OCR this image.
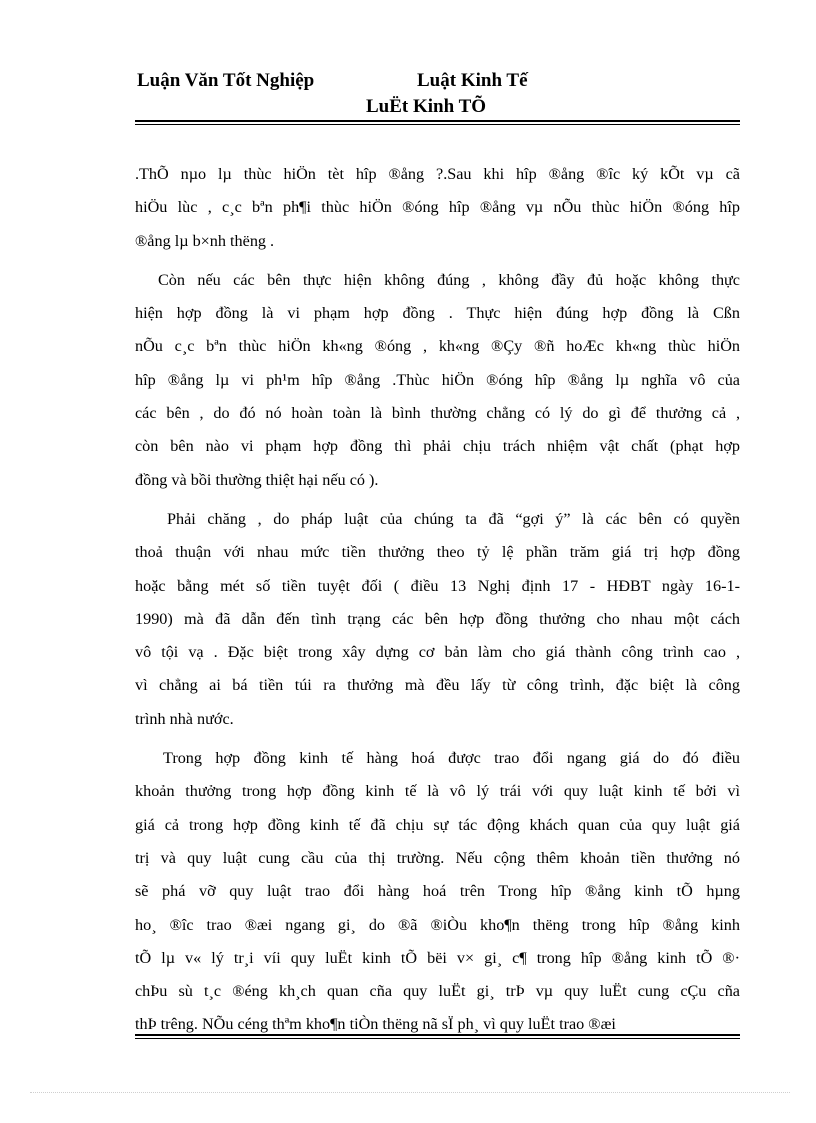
Luận Văn Tốt Nghiệp	Luật Kinh Tế
LuËt Kinh TÕ
.ThÕ nµo lµ thùc hiÖn tèt hîp ®ång ?.Sau khi hîp ®ång ®îc ký kÕt vµ cã
hiÖu lùc , c¸c bªn ph¶i thùc hiÖn ®óng hîp ®ång vµ nÕu thùc hiÖn ®óng hîp
®ång lµ b×nh thëng .
Còn nếu các bên thực hiện không đúng , không đầy đủ hoặc không thực
hiện hợp đồng là vi phạm hợp đồng . Thực hiện đúng hợp đồng là Cßn
nÕu c¸c bªn thùc hiÖn kh«ng ®óng , kh«ng ®Çy ®ñ hoÆc kh«ng thùc hiÖn
hîp ®ång lµ vi ph¹m hîp ®ång .Thùc hiÖn ®óng hîp ®ång lµ nghĩa vô của
các bên , do đó nó hoàn toàn là bình thường chẳng có lý do gì để thưởng cả ,
còn bên nào vi phạm hợp đồng thì phải chịu trách nhiệm vật chất (phạt hợp
đồng và bồi thường thiệt hại nếu có ).
Phải chăng , do pháp luật của chúng ta đã “gợi ý” là các bên có quyền
thoả thuận với nhau mức tiền thưởng theo tỷ lệ phần trăm giá trị hợp đồng
hoặc bằng mét số tiền tuyệt đối ( điều 13 Nghị định 17 - HĐBT ngày 16-1-
1990) mà đã dẫn đến tình trạng các bên hợp đồng thưởng cho nhau một cách
vô tội vạ . Đặc biệt trong xây dựng cơ bản làm cho giá thành công trình cao ,
vì chẳng ai bá tiền túi ra thưởng mà đều lấy từ công trình, đặc biệt là công
trình nhà nước.
Trong hợp đồng kinh tế hàng hoá được trao đổi ngang giá do đó điều
khoản thưởng trong hợp đồng kinh tế là vô lý trái với quy luật kinh tế bởi vì
giá cả trong hợp đồng kinh tế đã chịu sự tác động khách quan của quy luật giá
trị và quy luật cung cầu của thị trường. Nếu cộng thêm khoản tiền thưởng nó
sẽ phá vỡ quy luật trao đổi hàng hoá trên Trong hîp ®ång kinh tÕ hµng
ho¸ ®îc trao ®æi ngang gi¸ do ®ã ®iÒu kho¶n thëng trong hîp ®ång kinh
tÕ lµ v« lý tr¸i víi quy luËt kinh tÕ bëi v× gi¸ c¶ trong hîp ®ång kinh tÕ ®·
chÞu sù t¸c ®éng kh¸ch quan cña quy luËt gi¸ trÞ vµ quy luËt cung cÇu cña
thÞ trêng. NÕu céng thªm kho¶n tiÒn thëng nã sÏ ph¸ vì quy luËt trao ®æi
